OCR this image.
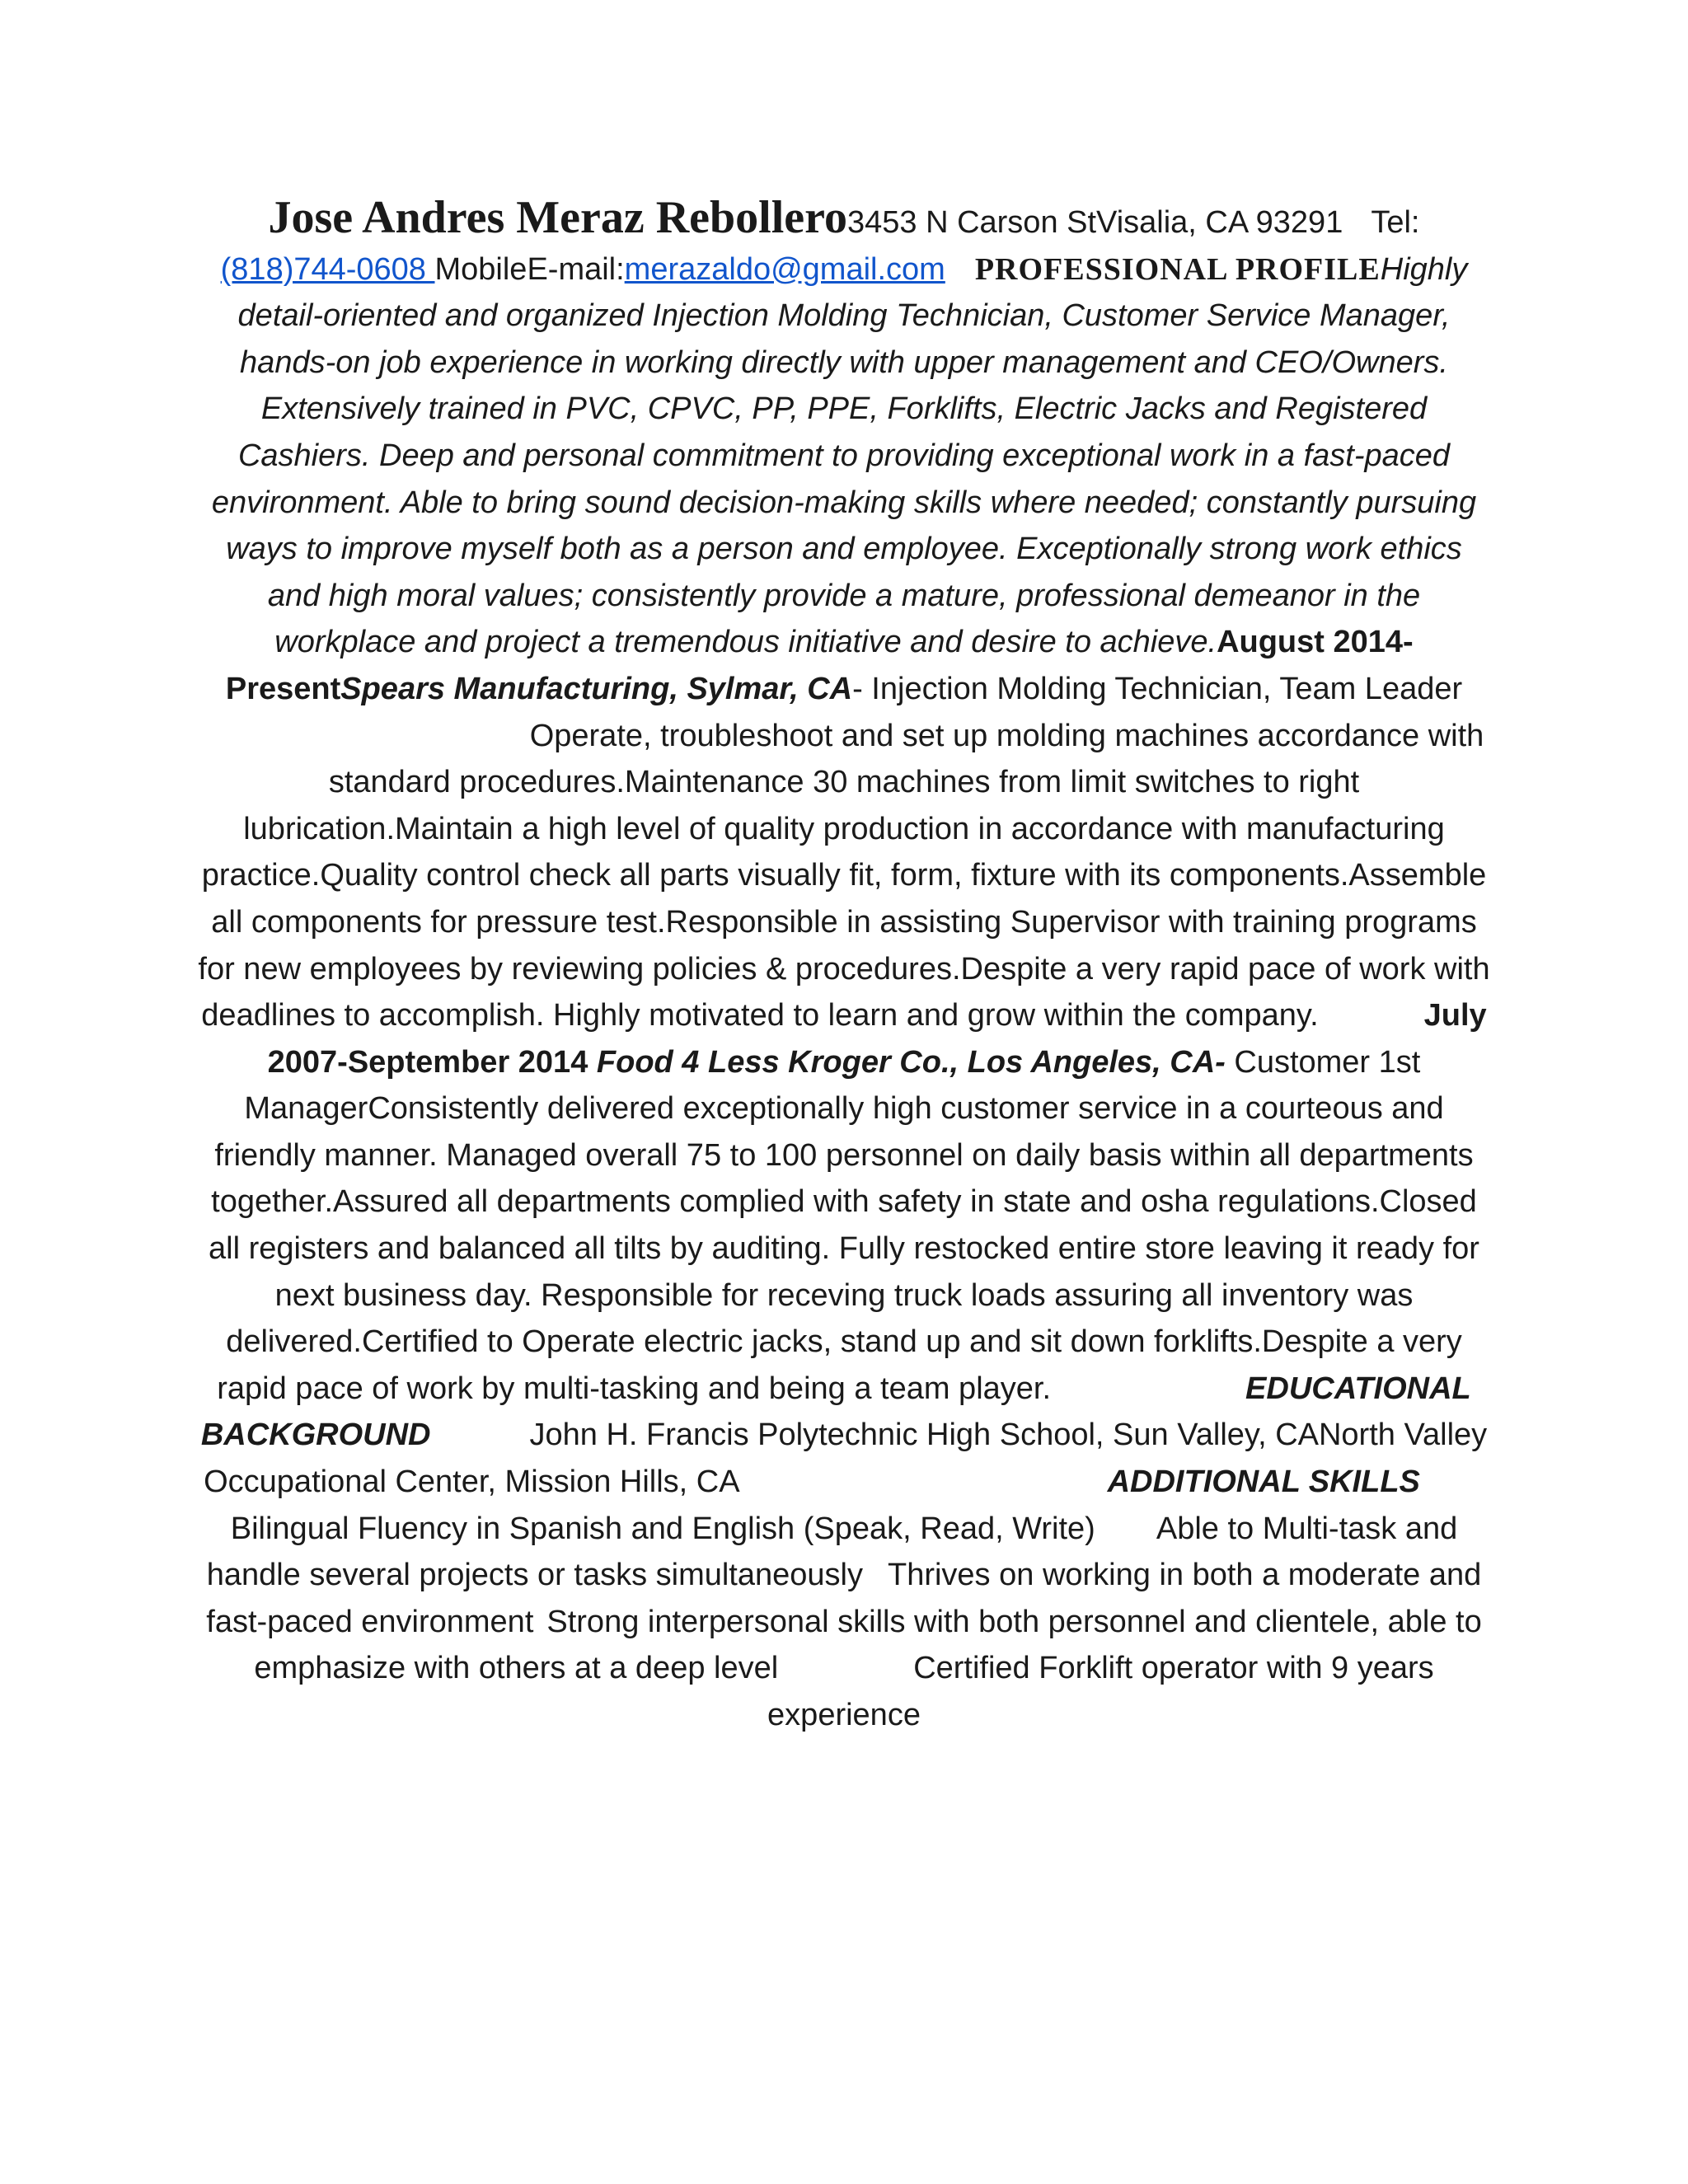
Jose Andres Meraz Rebollero3453 N Carson StVisalia, CA 93291 Tel: (818)744-0608 MobileE-mail:merazaldo@gmail.com PROFESSIONAL PROFILEHighly detail-oriented and organized Injection Molding Technician, Customer Service Manager, hands-on job experience in working directly with upper management and CEO/Owners. Extensively trained in PVC, CPVC, PP, PPE, Forklifts, Electric Jacks and Registered Cashiers. Deep and personal commitment to providing exceptional work in a fast-paced environment. Able to bring sound decision-making skills where needed; constantly pursuing ways to improve myself both as a person and employee. Exceptionally strong work ethics and high moral values; consistently provide a mature, professional demeanor in the workplace and project a tremendous initiative and desire to achieve.August 2014- PresentSpears Manufacturing, Sylmar, CA- Injection Molding Technician, Team LeaderOperate, troubleshoot and set up molding machines accordance with standard procedures.Maintenance 30 machines from limit switches to right lubrication.Maintain a high level of quality production in accordance with manufacturing practice.Quality control check all parts visually fit, form, fixture with its components.Assemble all components for pressure test.Responsible in assisting Supervisor with training programs for new employees by reviewing policies & procedures.Despite a very rapid pace of work with deadlines to accomplish. Highly motivated to learn and grow within the company.	July 2007-September 2014 Food 4 Less Kroger Co., Los Angeles, CA- Customer 1st ManagerConsistently delivered exceptionally high customer service in a courteous and friendly manner. Managed overall 75 to 100 personnel on daily basis within all departments together.Assured all departments complied with safety in state and osha regulations.Closed all registers and balanced all tilts by auditing. Fully restocked entire store leaving it ready for next business day. Responsible for receving truck loads assuring all inventory was delivered.Certified to Operate electric jacks, stand up and sit down forklifts.Despite a very rapid pace of work by multi-tasking and being a team player.	EDUCATIONAL BACKGROUND	John H. Francis Polytechnic High School, Sun Valley, CANorth Valley Occupational Center, Mission Hills, CA	ADDITIONAL SKILLSBilingual Fluency in Spanish and English (Speak, Read, Write) Able to Multi-task and handle several projects or tasks simultaneously Thrives on working in both a moderate and fast-paced environment Strong interpersonal skills with both personnel and clientele, able to emphasize with others at a deep level	Certified Forklift operator with 9 years experience
